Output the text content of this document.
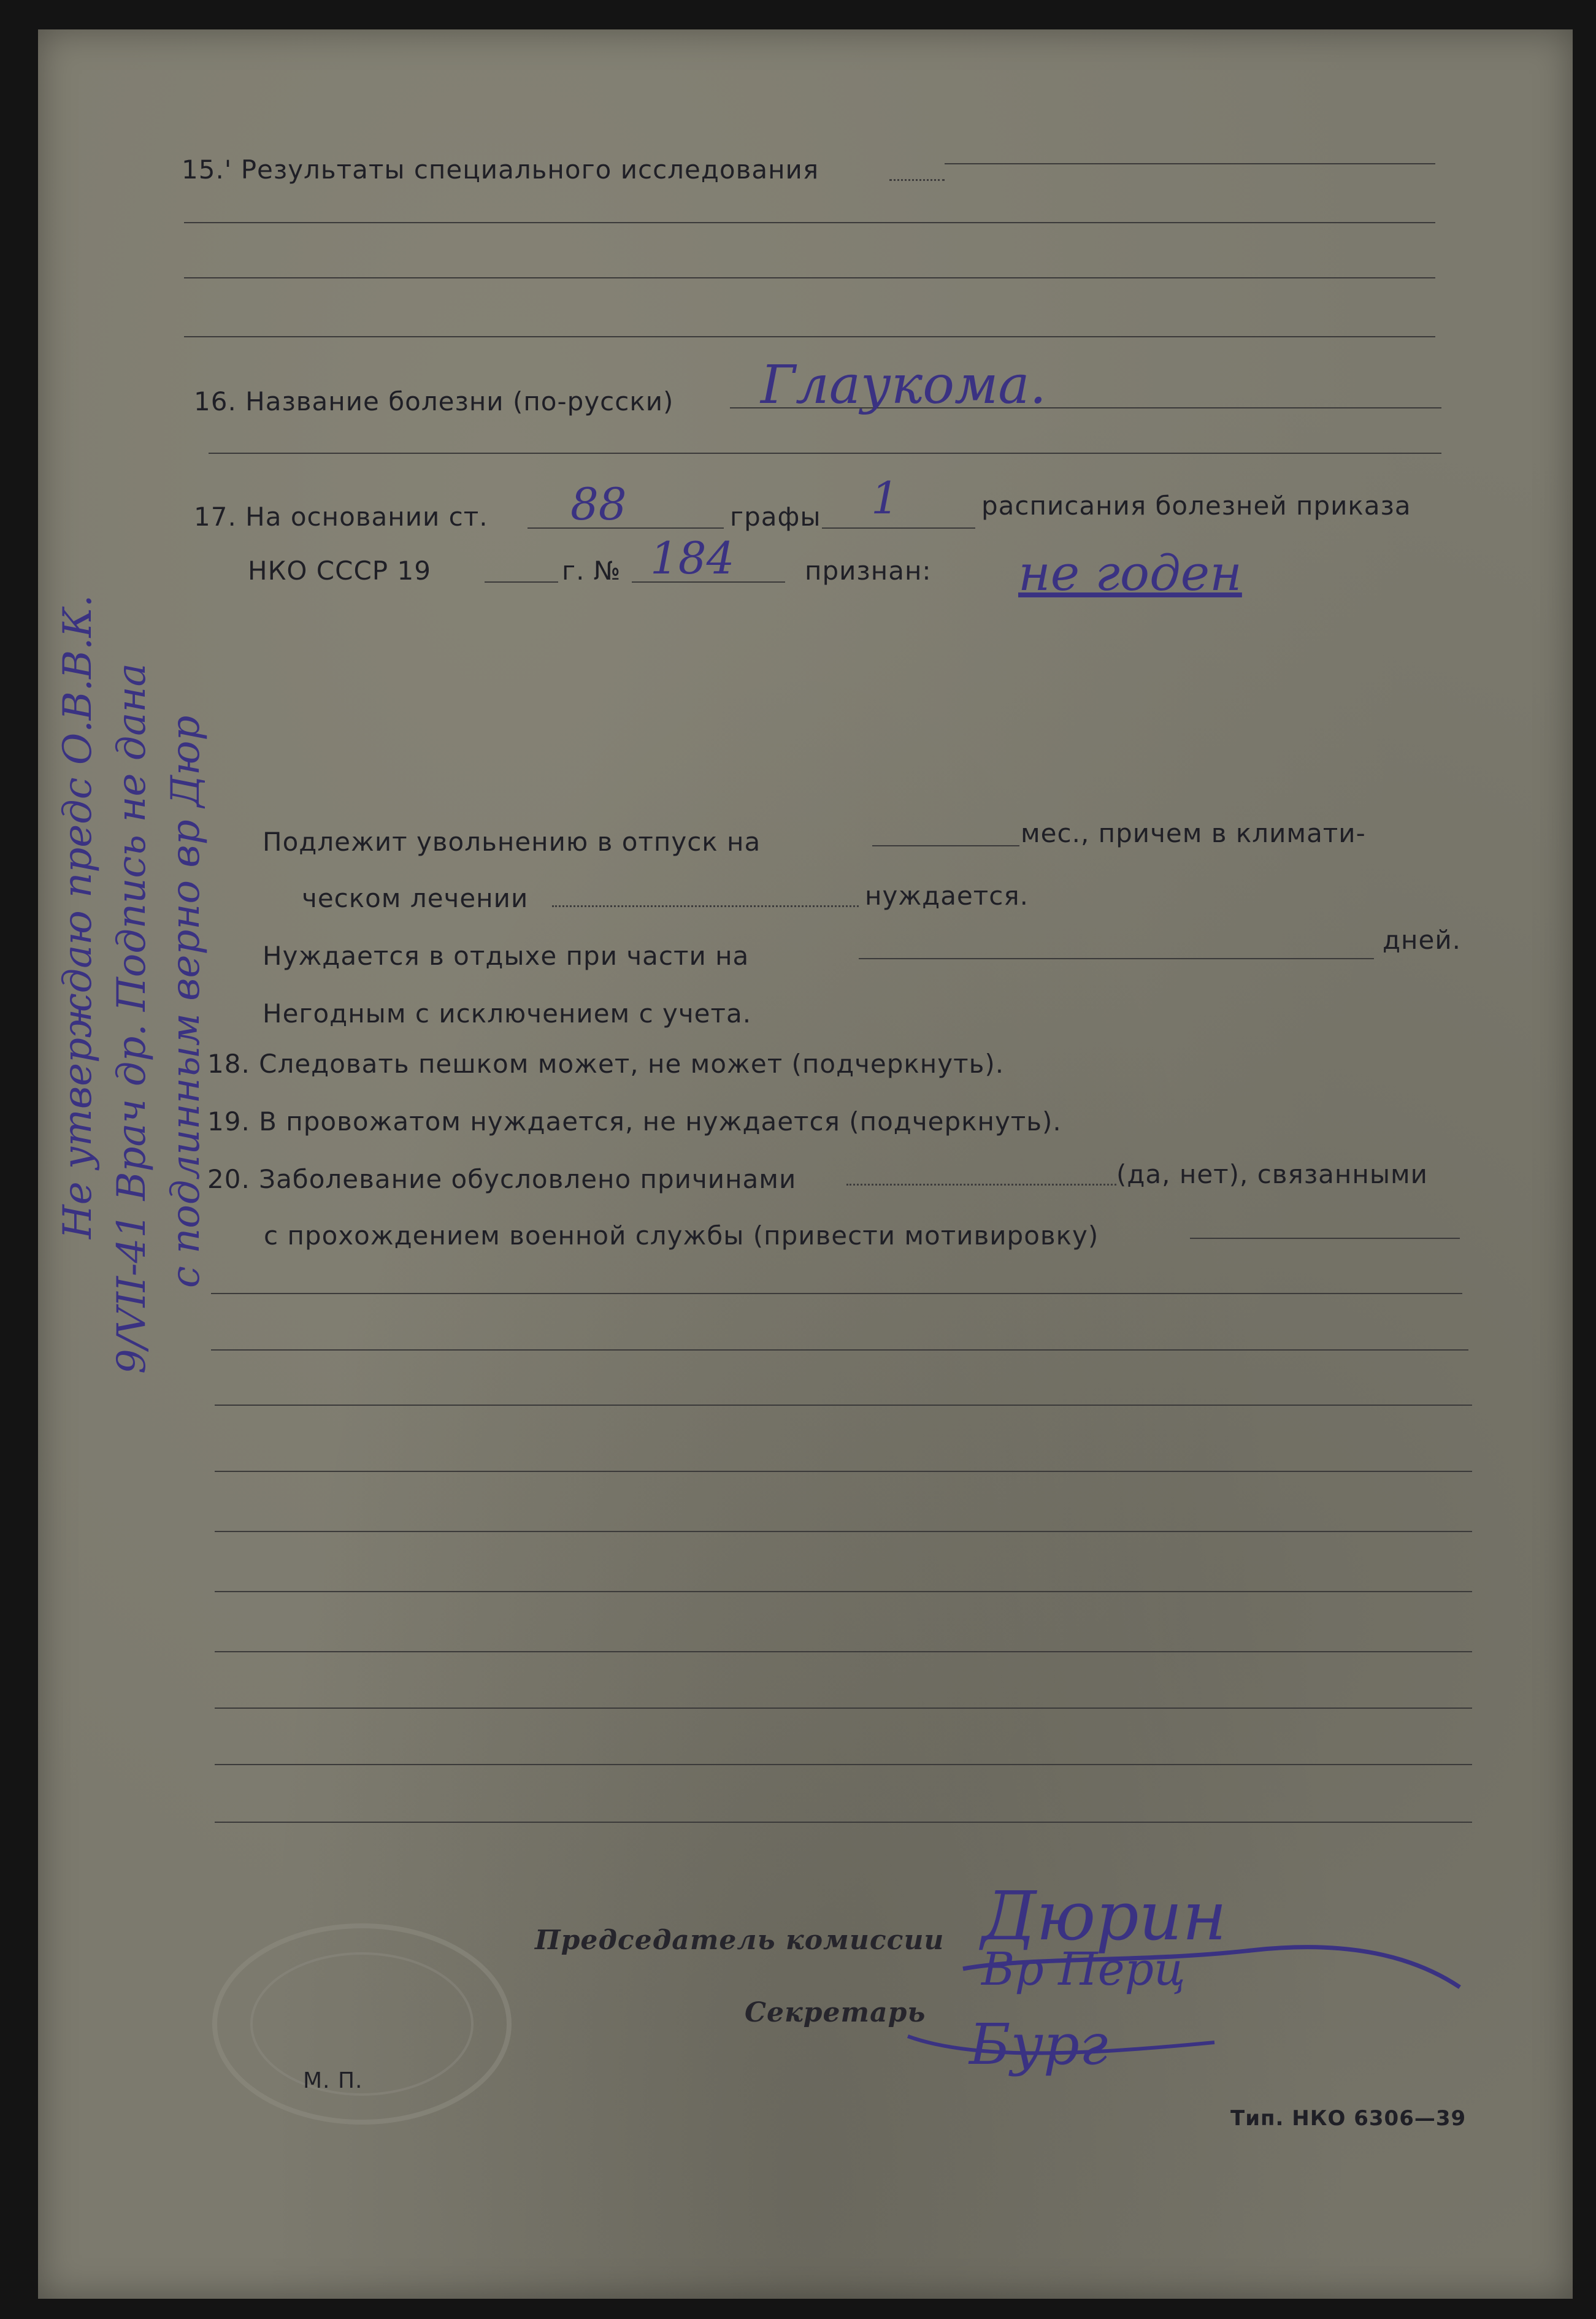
15.' Результаты специального исследования
16. Название болезни (по-русски) Глаукома.
17. На основании ст. 88	графы 1	расписания болезней приказа
НКО СССР 19	г. № 184	признан: не годен
Подлежит увольнению в отпуск на	мес., причем в климати-
ческом лечении	нуждается.
Нуждается в отдыхе при части на
дней.
Негодным с исключением с учета.
18. Следовать пешком может, не может (подчеркнуть).
19. В провожатом нуждается, не нуждается (подчеркнуть).
20. Заболевание обусловлено причинами	(да, нет), связанными
с прохождением военной службы (привести мотивировку)
Председатель комиссии
Секретарь
М. П.
Тип. НКО 6306—39
Дюрин
Вр Перц
Бург
Не утверждаю предс О.В.В.К. 9/VII-41 Врач др. Подпись не дана с подлинным верно вр Дюр
